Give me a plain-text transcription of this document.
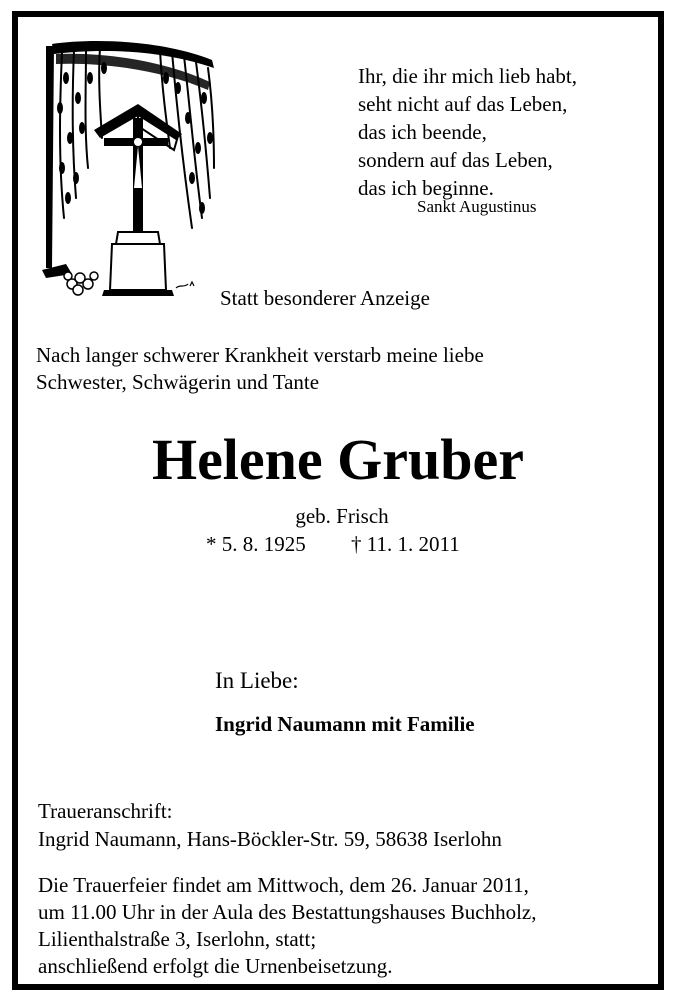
Ihr, die ihr mich lieb habt,
seht nicht auf das Leben,
das ich beende,
sondern auf das Leben,
das ich beginne.
Sankt Augustinus
Statt besonderer Anzeige
Nach langer schwerer Krankheit verstarb meine liebe
Schwester, Schwägerin und Tante
Helene Gruber
geb. Frisch
* 5. 8. 1925 † 11. 1. 2011
In Liebe:
Ingrid Naumann mit Familie
Traueranschrift:
Ingrid Naumann, Hans-Böckler-Str. 59, 58638 Iserlohn
Die Trauerfeier findet am Mittwoch, dem 26. Januar 2011,
um 11.00 Uhr in der Aula des Bestattungshauses Buchholz,
Lilienthalstraße 3, Iserlohn, statt;
anschließend erfolgt die Urnenbeisetzung.
